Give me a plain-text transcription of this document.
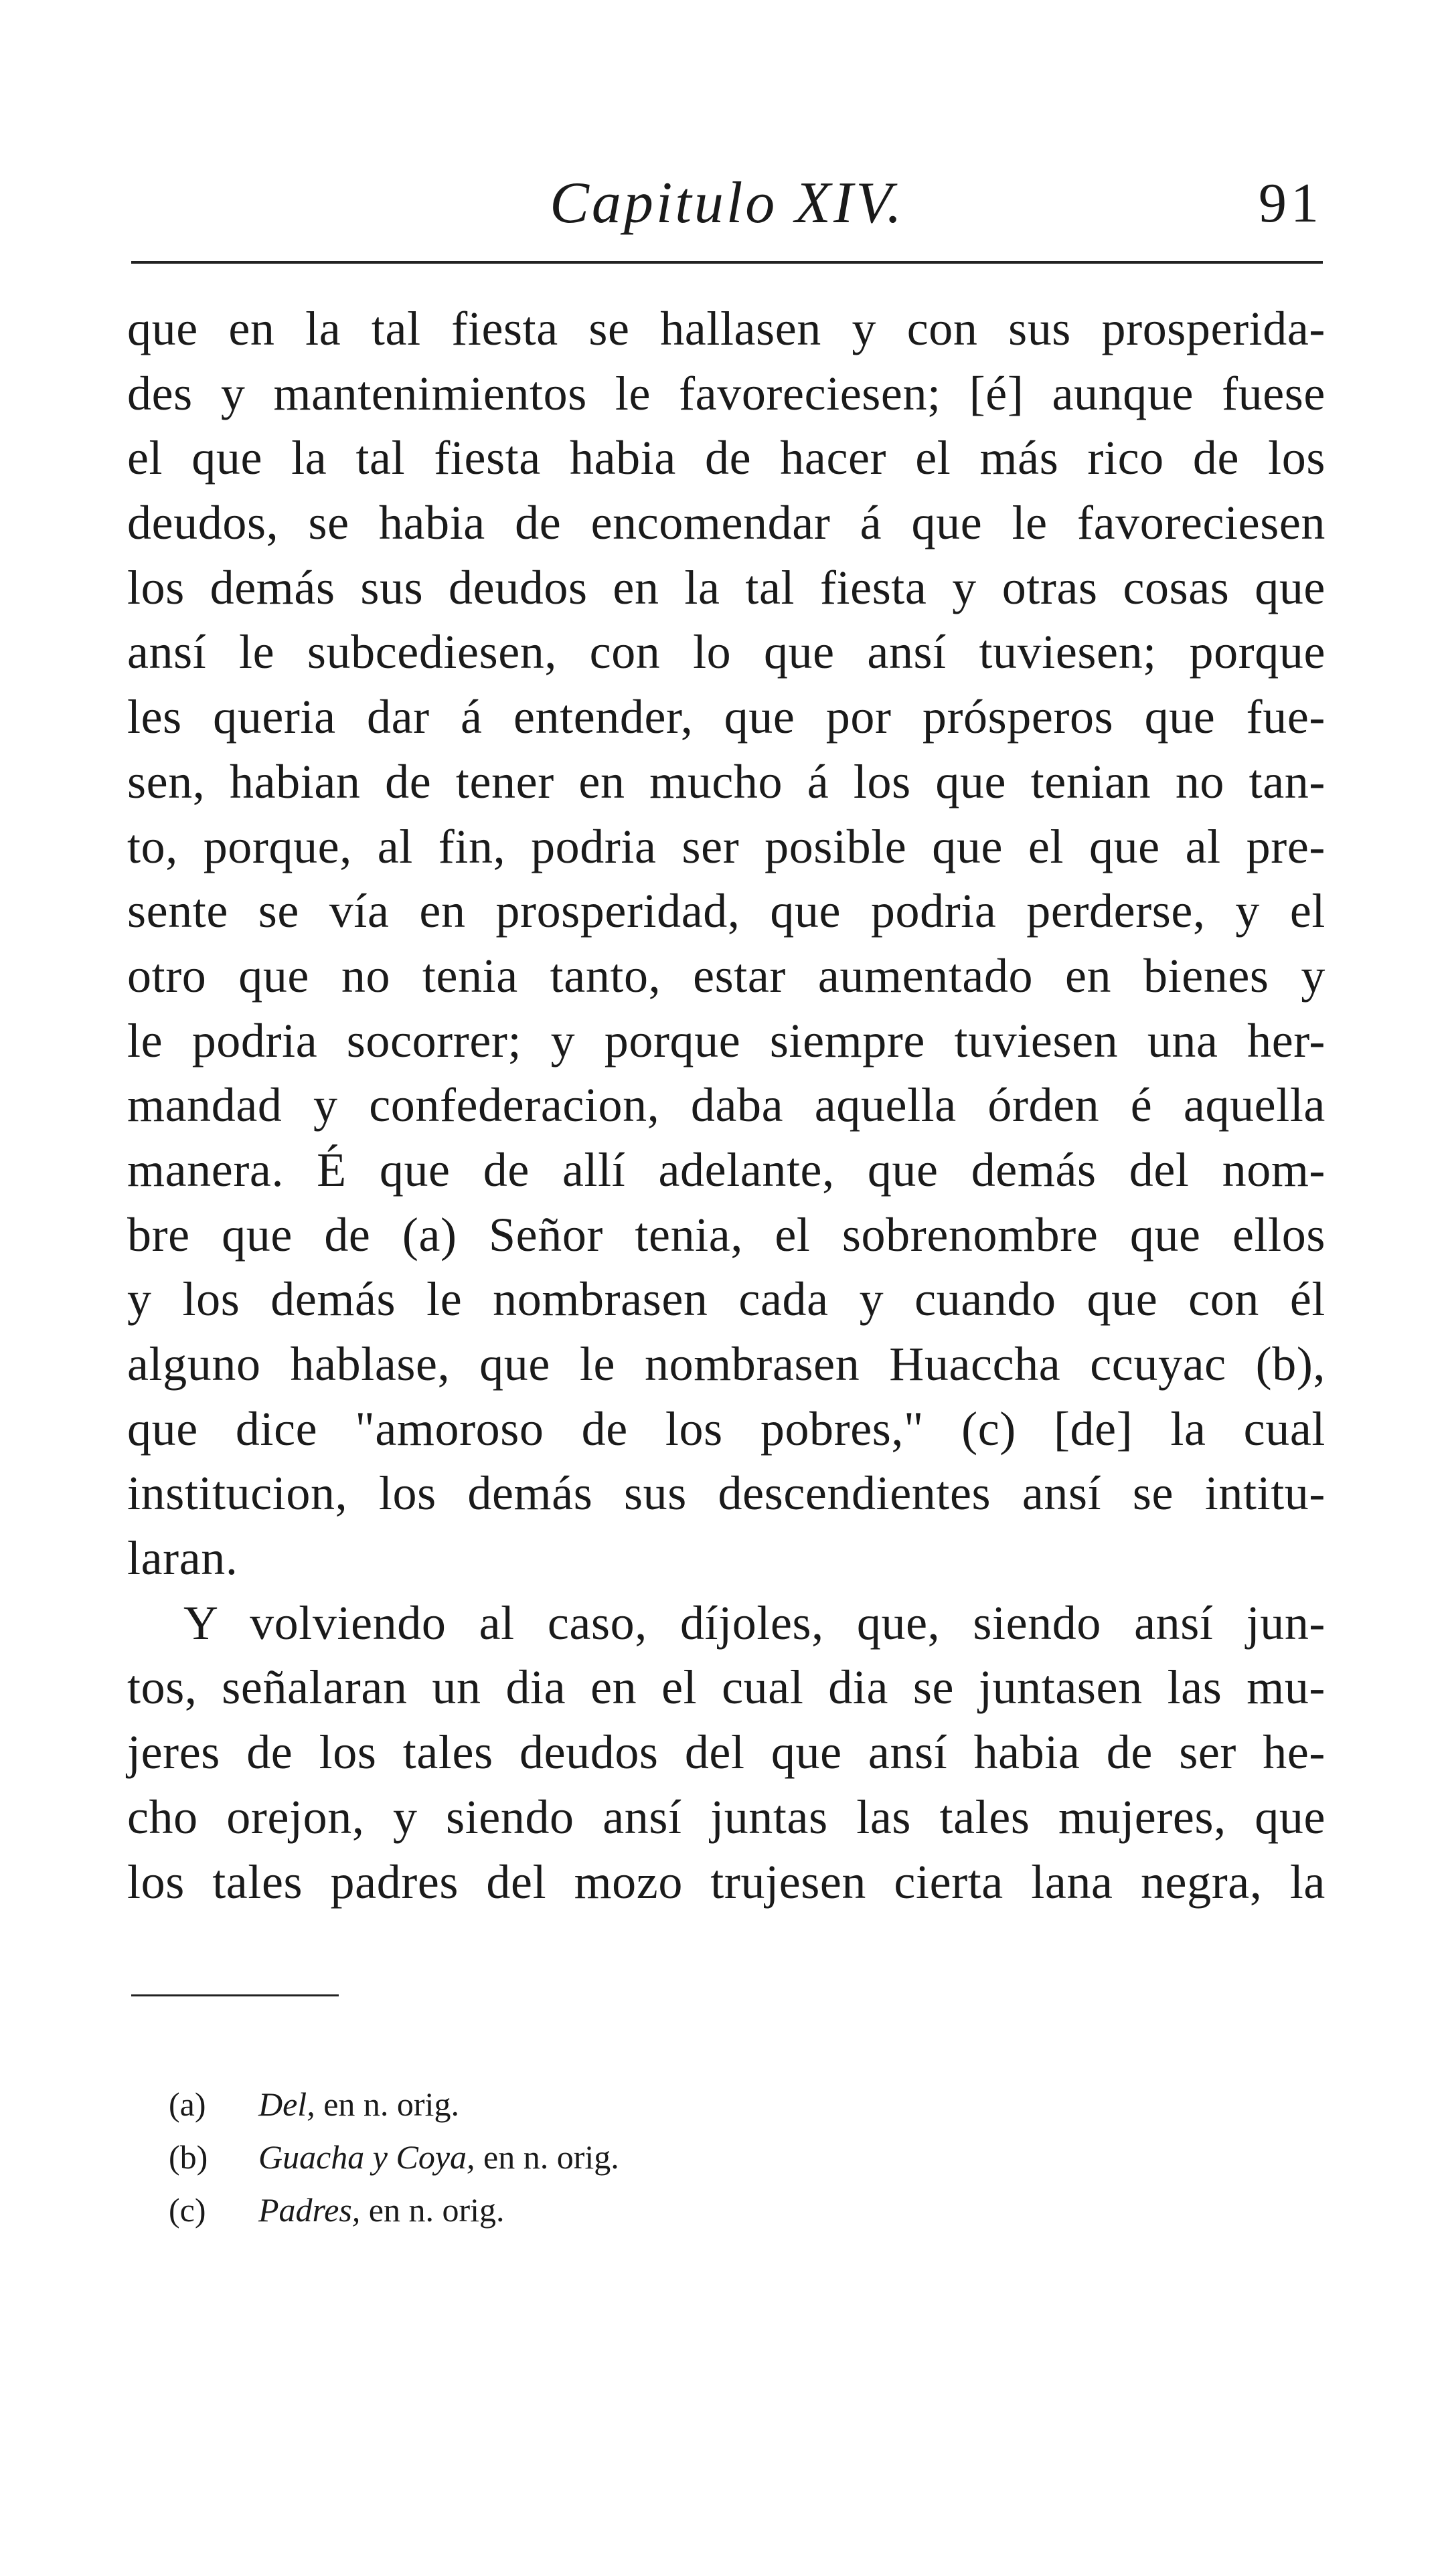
Capitulo XIV.	91
que en la tal fiesta se hallasen y con sus prosperida-
des y mantenimientos le favoreciesen; [é] aunque fuese
el que la tal fiesta habia de hacer el más rico de los
deudos, se habia de encomendar á que le favoreciesen
los demás sus deudos en la tal fiesta y otras cosas que
ansí le subcediesen, con lo que ansí tuviesen; porque
les queria dar á entender, que por prósperos que fue-
sen, habian de tener en mucho á los que tenian no tan-
to, porque, al fin, podria ser posible que el que al pre-
sente se vía en prosperidad, que podria perderse, y el
otro que no tenia tanto, estar aumentado en bienes y
le podria socorrer; y porque siempre tuviesen una her-
mandad y confederacion, daba aquella órden é aquella
manera. É que de allí adelante, que demás del nom-
bre que de (a) Señor tenia, el sobrenombre que ellos
y los demás le nombrasen cada y cuando que con él
alguno hablase, que le nombrasen Huaccha ccuyac (b),
que dice "amoroso de los pobres," (c) [de] la cual
institucion, los demás sus descendientes ansí se intitu-
laran.
Y volviendo al caso, díjoles, que, siendo ansí jun-
tos, señalaran un dia en el cual dia se juntasen las mu-
jeres de los tales deudos del que ansí habia de ser he-
cho orejon, y siendo ansí juntas las tales mujeres, que
los tales padres del mozo trujesen cierta lana negra, la
(a) Del, en n. orig.
(b) Guacha y Coya, en n. orig.
(c) Padres, en n. orig.
